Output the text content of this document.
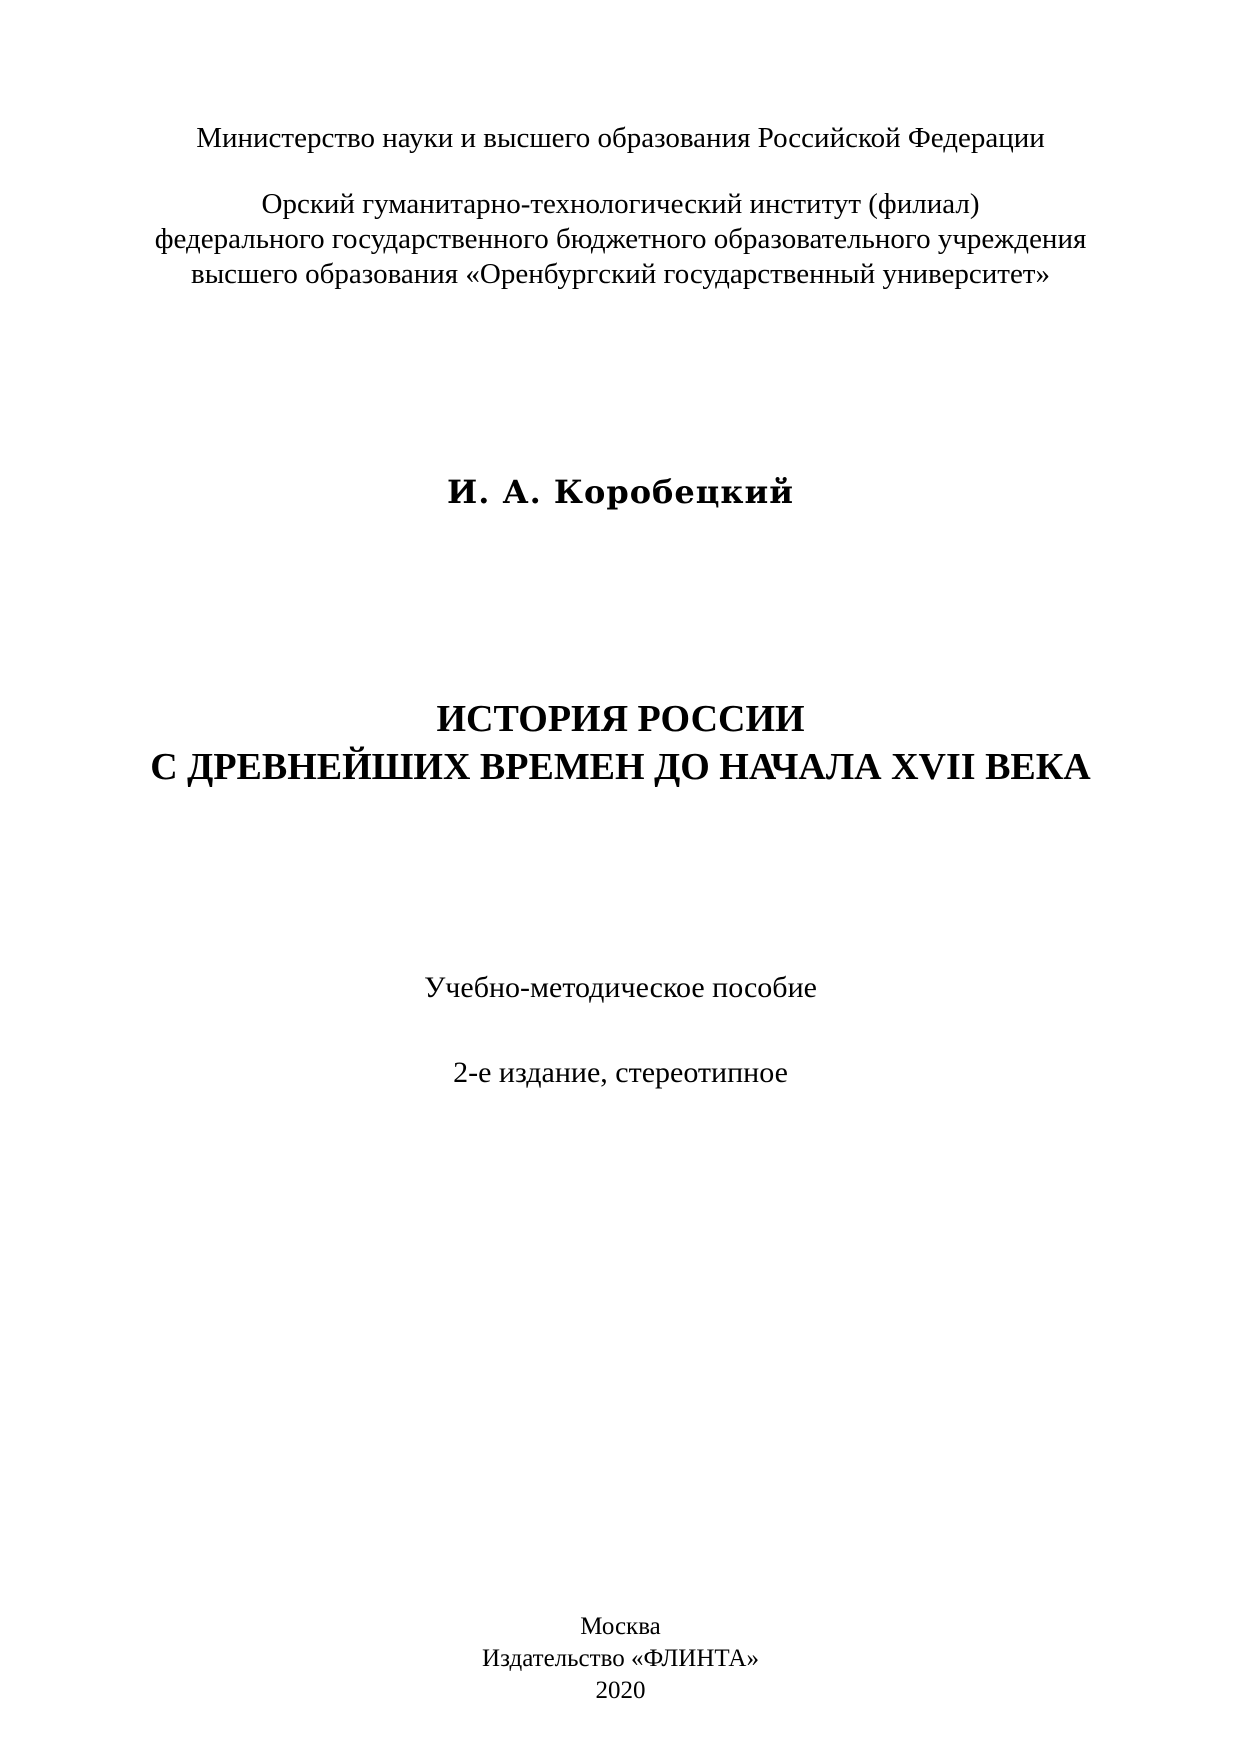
Министерство науки и высшего образования Российской Федерации
Орский гуманитарно-технологический институт (филиал)
федерального государственного бюджетного образовательного учреждения
высшего образования «Оренбургский государственный университет»
И. А. Коробецкий
ИСТОРИЯ РОССИИ
С ДРЕВНЕЙШИХ ВРЕМЕН ДО НАЧАЛА XVII ВЕКА
Учебно-методическое пособие
2-е издание, стереотипное
Москва
Издательство «ФЛИНТА»
2020
